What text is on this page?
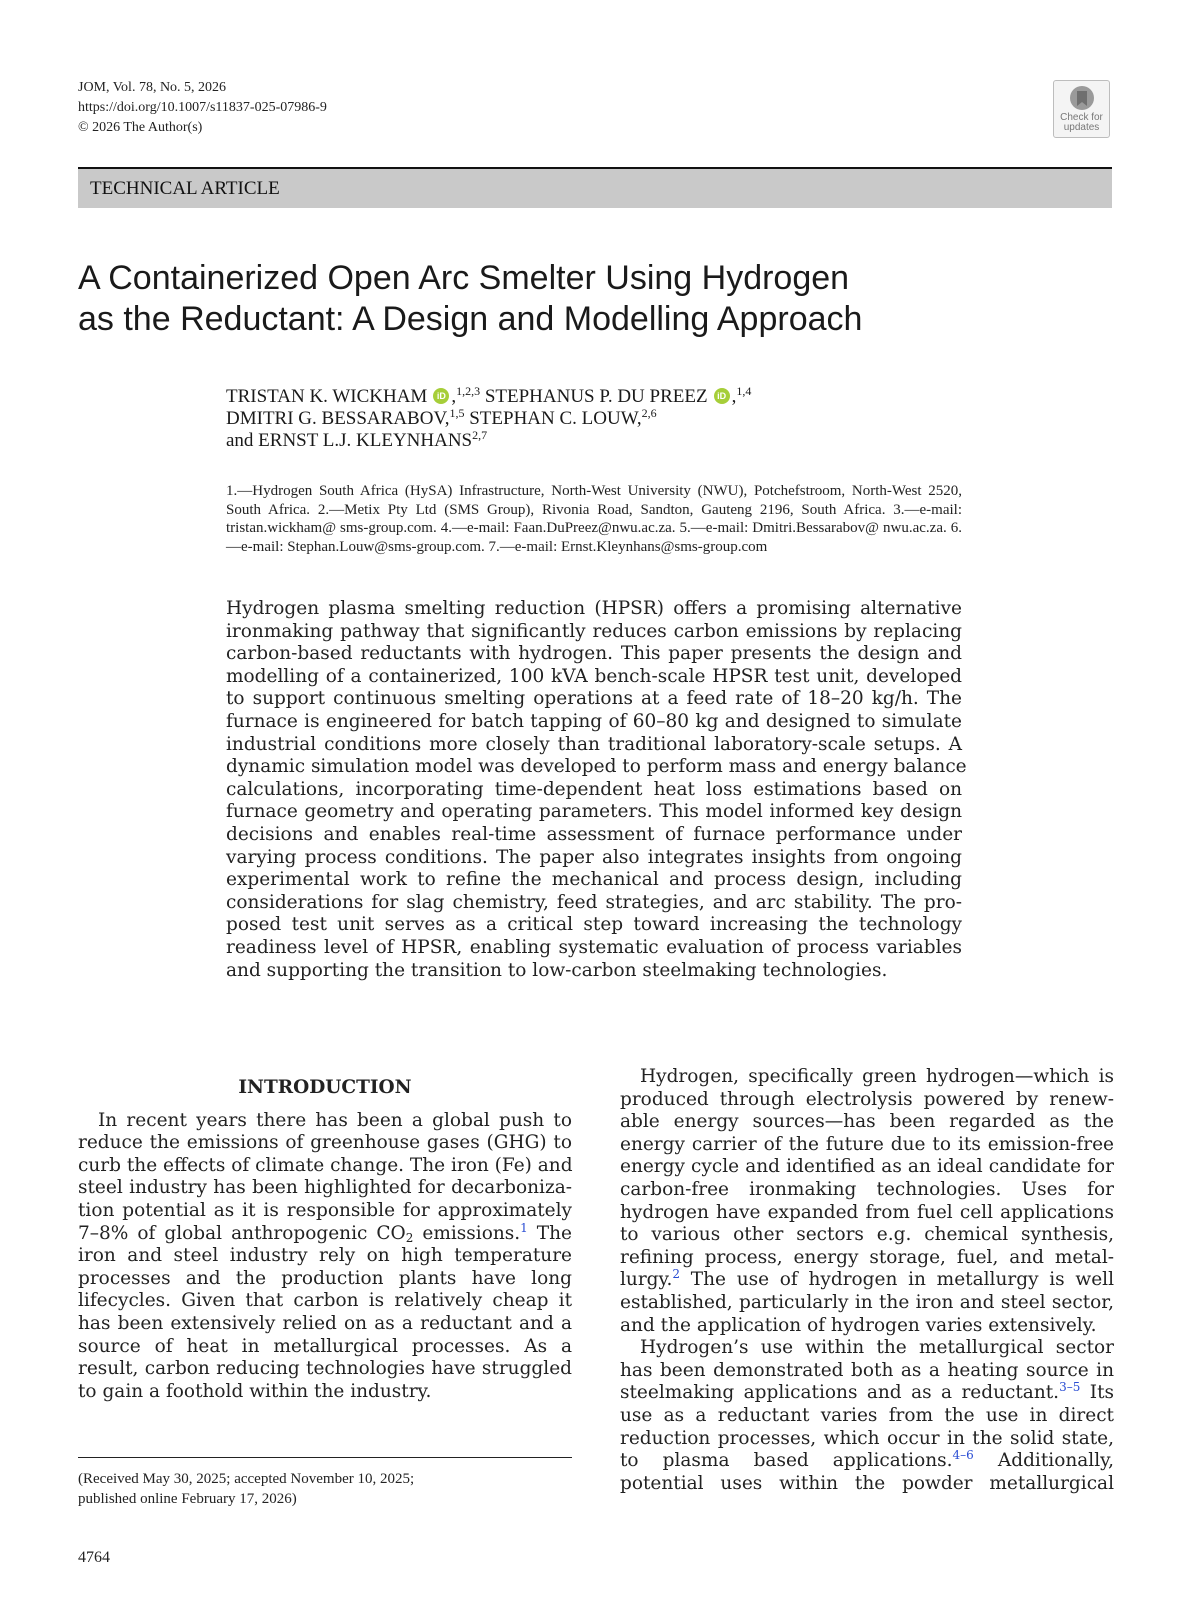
JOM, Vol. 78, No. 5, 2026
https://doi.org/10.1007/s11837-025-07986-9
© 2026 The Author(s)
Check for
updates
TECHNICAL ARTICLE
A Containerized Open Arc Smelter Using Hydrogen
as the Reductant: A Design and Modelling Approach
TRISTAN K. WICKHAM	iD ,$^{1,2,3}$ STEPHANUS P. DU PREEZ	iD ,$^{1,4}$
DMITRI G. BESSARABOV,$^{1,5}$ STEPHAN C. LOUW,$^{2,6}$
and ERNST L.J. KLEYNHANS$^{2,7}$
1.—Hydrogen South Africa (HySA) Infrastructure, North-West University (NWU), Potchefstroom, North-West 2520, South Africa. 2.—Metix Pty Ltd (SMS Group), Rivonia Road, Sandton, Gauteng 2196, South Africa. 3.—e-mail: tristan.wickham@ sms-group.com. 4.—e-mail: Faan.DuPreez@nwu.ac.za. 5.—e-mail: Dmitri.Bessarabov@ nwu.ac.za. 6.—e-mail: Stephan.Louw@sms-group.com. 7.—e-mail: Ernst.Kleynhans@sms-group.com
Hydrogen plasma smelting reduction (HPSR) offers a promising alternative
ironmaking pathway that significantly reduces carbon emissions by replacing
carbon-based reductants with hydrogen. This paper presents the design and
modelling of a containerized, 100 kVA bench-scale HPSR test unit, developed
to support continuous smelting operations at a feed rate of 18–20 kg/h. The
furnace is engineered for batch tapping of 60–80 kg and designed to simulate
industrial conditions more closely than traditional laboratory-scale setups. A
dynamic simulation model was developed to perform mass and energy balance
calculations, incorporating time-dependent heat loss estimations based on
furnace geometry and operating parameters. This model informed key design
decisions and enables real-time assessment of furnace performance under
varying process conditions. The paper also integrates insights from ongoing
experimental work to refine the mechanical and process design, including
considerations for slag chemistry, feed strategies, and arc stability. The pro-
posed test unit serves as a critical step toward increasing the technology
readiness level of HPSR, enabling systematic evaluation of process variables
and supporting the transition to low-carbon steelmaking technologies.
INTRODUCTION
In recent years there has been a global push to
reduce the emissions of greenhouse gases (GHG) to
curb the effects of climate change. The iron (Fe) and
steel industry has been highlighted for decarboniza-
tion potential as it is responsible for approximately
7–8% of global anthropogenic $CO_2$ emissions.$^1$ The
iron and steel industry rely on high temperature
processes and the production plants have long
lifecycles. Given that carbon is relatively cheap it
has been extensively relied on as a reductant and a
source of heat in metallurgical processes. As a
result, carbon reducing technologies have struggled
to gain a foothold within the industry.
Hydrogen, specifically green hydrogen—which is
produced through electrolysis powered by renew-
able energy sources—has been regarded as the
energy carrier of the future due to its emission-free
energy cycle and identified as an ideal candidate for
carbon-free ironmaking technologies. Uses for
hydrogen have expanded from fuel cell applications
to various other sectors e.g. chemical synthesis,
refining process, energy storage, fuel, and metal-
lurgy.$^2$ The use of hydrogen in metallurgy is well
established, particularly in the iron and steel sector,
and the application of hydrogen varies extensively.
Hydrogen’s use within the metallurgical sector
has been demonstrated both as a heating source in
steelmaking applications and as a reductant.$^{3-5}$ Its
use as a reductant varies from the use in direct
reduction processes, which occur in the solid state,
to plasma based applications.$^{4-6}$ Additionally,
potential uses within the powder metallurgical
(Received May 30, 2025; accepted November 10, 2025;
published online February 17, 2026)
4764
